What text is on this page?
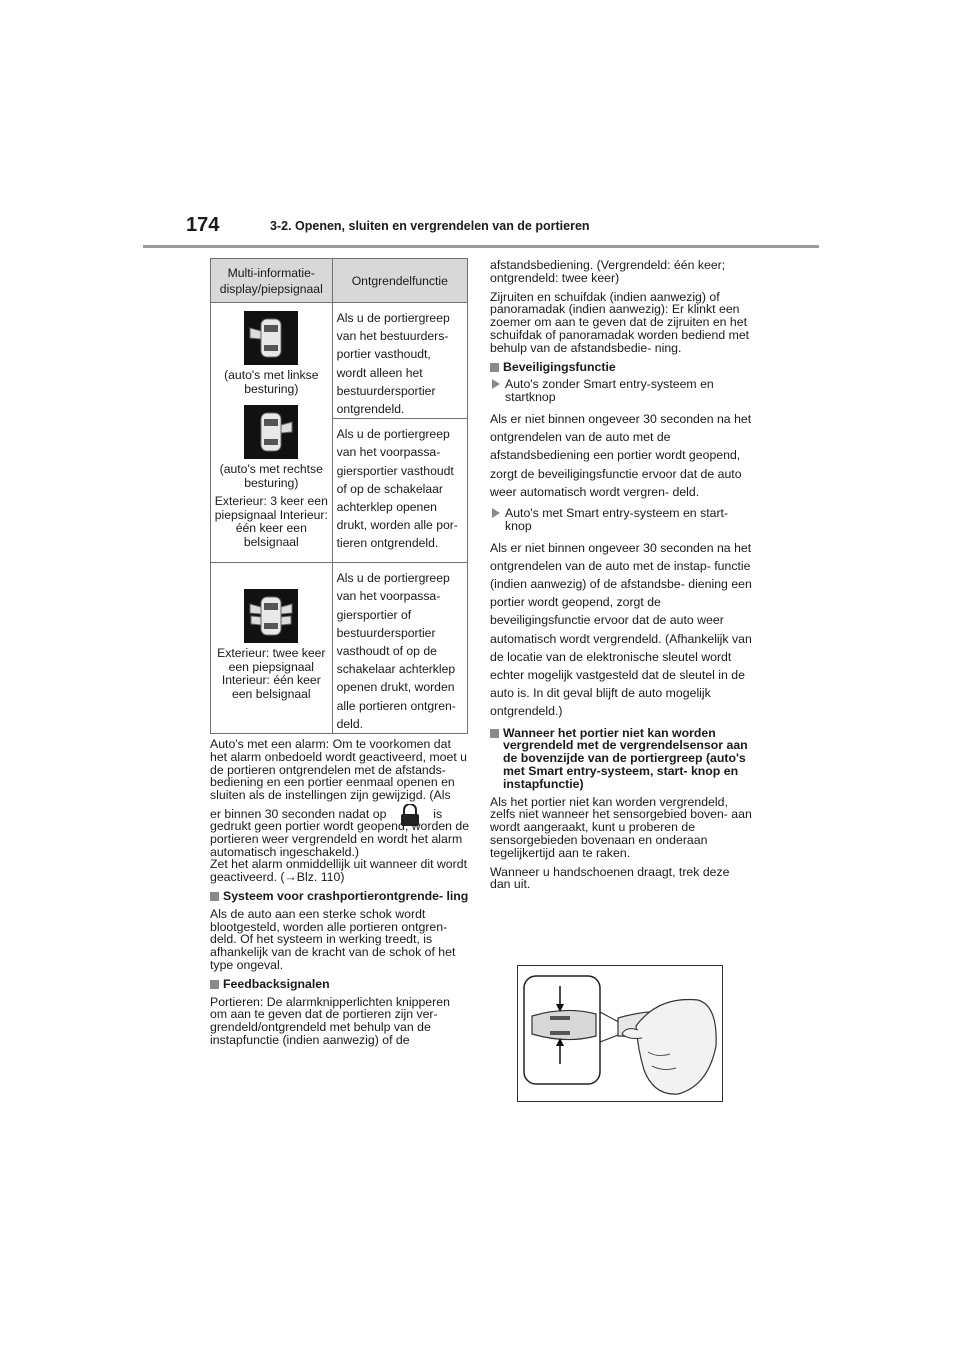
174	3-2. Openen, sluiten en vergrendelen van de portieren
Multi-informatie-
display/piepsignaal	Ontgrendelfunctie

(auto's met linkse besturing)
(auto's met rechtse besturing)
Exterieur: 3 keer een piepsignaal Interieur: één keer een belsignaal	Als u de portiergreep van het bestuurders- portier vasthoudt, wordt alleen het bestuurdersportier ontgrendeld.
	Als u de portiergreep van het voorpassa- giersportier vasthoudt of op de schakelaar achterklep openen drukt, worden alle por- tieren ontgrendeld.

Exterieur: twee keer een piepsignaal Interieur: één keer een belsignaal	Als u de portiergreep van het voorpassa- giersportier of bestuurdersportier vasthoudt of op de schakelaar achterklep openen drukt, worden alle portieren ontgren- deld.

Auto's met een alarm: Om te voorkomen dat het alarm onbedoeld wordt geactiveerd, moet u de portieren ontgrendelen met de afstands- bediening en een portier eenmaal openen en sluiten als de instellingen zijn gewijzigd. (Als

er binnen 30 seconden nadat op	is

gedrukt geen portier wordt geopend, worden de portieren weer vergrendeld en wordt het alarm automatisch ingeschakeld.)

Zet het alarm onmiddellijk uit wanneer dit wordt geactiveerd. (→Blz. 110)

Systeem voor crashportierontgrende- ling

Als de auto aan een sterke schok wordt blootgesteld, worden alle portieren ontgren- deld. Of het systeem in werking treedt, is afhankelijk van de kracht van de schok of het type ongeval.

Feedbacksignalen

Portieren: De alarmknipperlichten knipperen om aan te geven dat de portieren zijn ver- grendeld/ontgrendeld met behulp van de instapfunctie (indien aanwezig) of de

afstandsbediening. (Vergrendeld: één keer; ontgrendeld: twee keer)

Zijruiten en schuifdak (indien aanwezig) of panoramadak (indien aanwezig): Er klinkt een zoemer om aan te geven dat de zijruiten en het schuifdak of panoramadak worden bediend met behulp van de afstandsbedie- ning.

Beveiligingsfunctie
Auto's zonder Smart entry-systeem en startknop

Als er niet binnen ongeveer 30 seconden na het ontgrendelen van de auto met de afstandsbediening een portier wordt geopend, zorgt de beveiligingsfunctie ervoor dat de auto weer automatisch wordt vergren- deld.

Auto's met Smart entry-systeem en start- knop

Als er niet binnen ongeveer 30 seconden na het ontgrendelen van de auto met de instap- functie (indien aanwezig) of de afstandsbe- diening een portier wordt geopend, zorgt de beveiligingsfunctie ervoor dat de auto weer automatisch wordt vergrendeld. (Afhankelijk van de locatie van de elektronische sleutel wordt echter mogelijk vastgesteld dat de sleutel in de auto is. In dit geval blijft de auto mogelijk ontgrendeld.)

Wanneer het portier niet kan worden vergrendeld met de vergrendelsensor aan de bovenzijde van de portiergreep (auto's met Smart entry-systeem, start- knop en instapfunctie)

Als het portier niet kan worden vergrendeld, zelfs niet wanneer het sensorgebied boven- aan wordt aangeraakt, kunt u proberen de sensorgebieden bovenaan en onderaan tegelijkertijd aan te raken.

Wanneer u handschoenen draagt, trek deze dan uit.
